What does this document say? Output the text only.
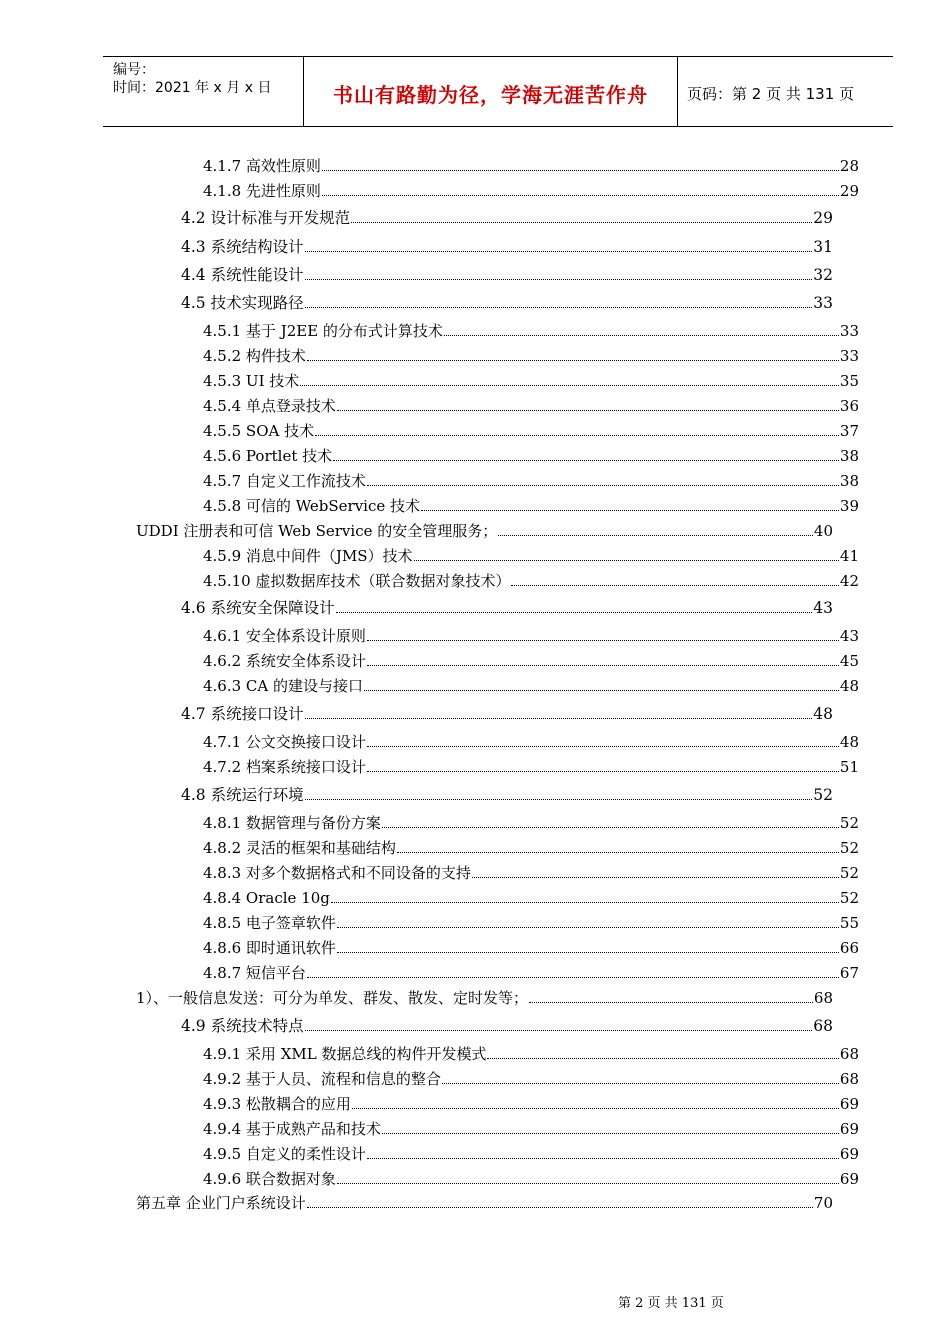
编号：
时间：2021 年 x 月 x 日	书山有路勤为径，学海无涯苦作舟	页码：第 2 页 共 131 页
4.1.7 高效性原则	28
4.1.8 先进性原则	29
4.2 设计标准与开发规范	29
4.3 系统结构设计	31
4.4 系统性能设计	32
4.5 技术实现路径	33
4.5.1 基于 J2EE 的分布式计算技术	33
4.5.2 构件技术	33
4.5.3 UI 技术	35
4.5.4 单点登录技术	36
4.5.5 SOA 技术	37
4.5.6 Portlet 技术	38
4.5.7 自定义工作流技术	38
4.5.8 可信的 WebService 技术	39
UDDI 注册表和可信 Web Service 的安全管理服务；	40
4.5.9 消息中间件（JMS）技术	41
4.5.10 虚拟数据库技术（联合数据对象技术）	42
4.6 系统安全保障设计	43
4.6.1 安全体系设计原则	43
4.6.2 系统安全体系设计	45
4.6.3 CA 的建设与接口	48
4.7 系统接口设计	48
4.7.1 公文交换接口设计	48
4.7.2 档案系统接口设计	51
4.8 系统运行环境	52
4.8.1 数据管理与备份方案	52
4.8.2 灵活的框架和基础结构	52
4.8.3 对多个数据格式和不同设备的支持	52
4.8.4 Oracle 10g	52
4.8.5 电子签章软件	55
4.8.6 即时通讯软件	66
4.8.7 短信平台	67
1）、一般信息发送：可分为单发、群发、散发、定时发等；	68
4.9 系统技术特点	68
4.9.1 采用 XML 数据总线的构件开发模式	68
4.9.2 基于人员、流程和信息的整合	68
4.9.3 松散耦合的应用	69
4.9.4 基于成熟产品和技术	69
4.9.5 自定义的柔性设计	69
4.9.6 联合数据对象	69
第五章 企业门户系统设计	70
第 2 页 共 131 页
